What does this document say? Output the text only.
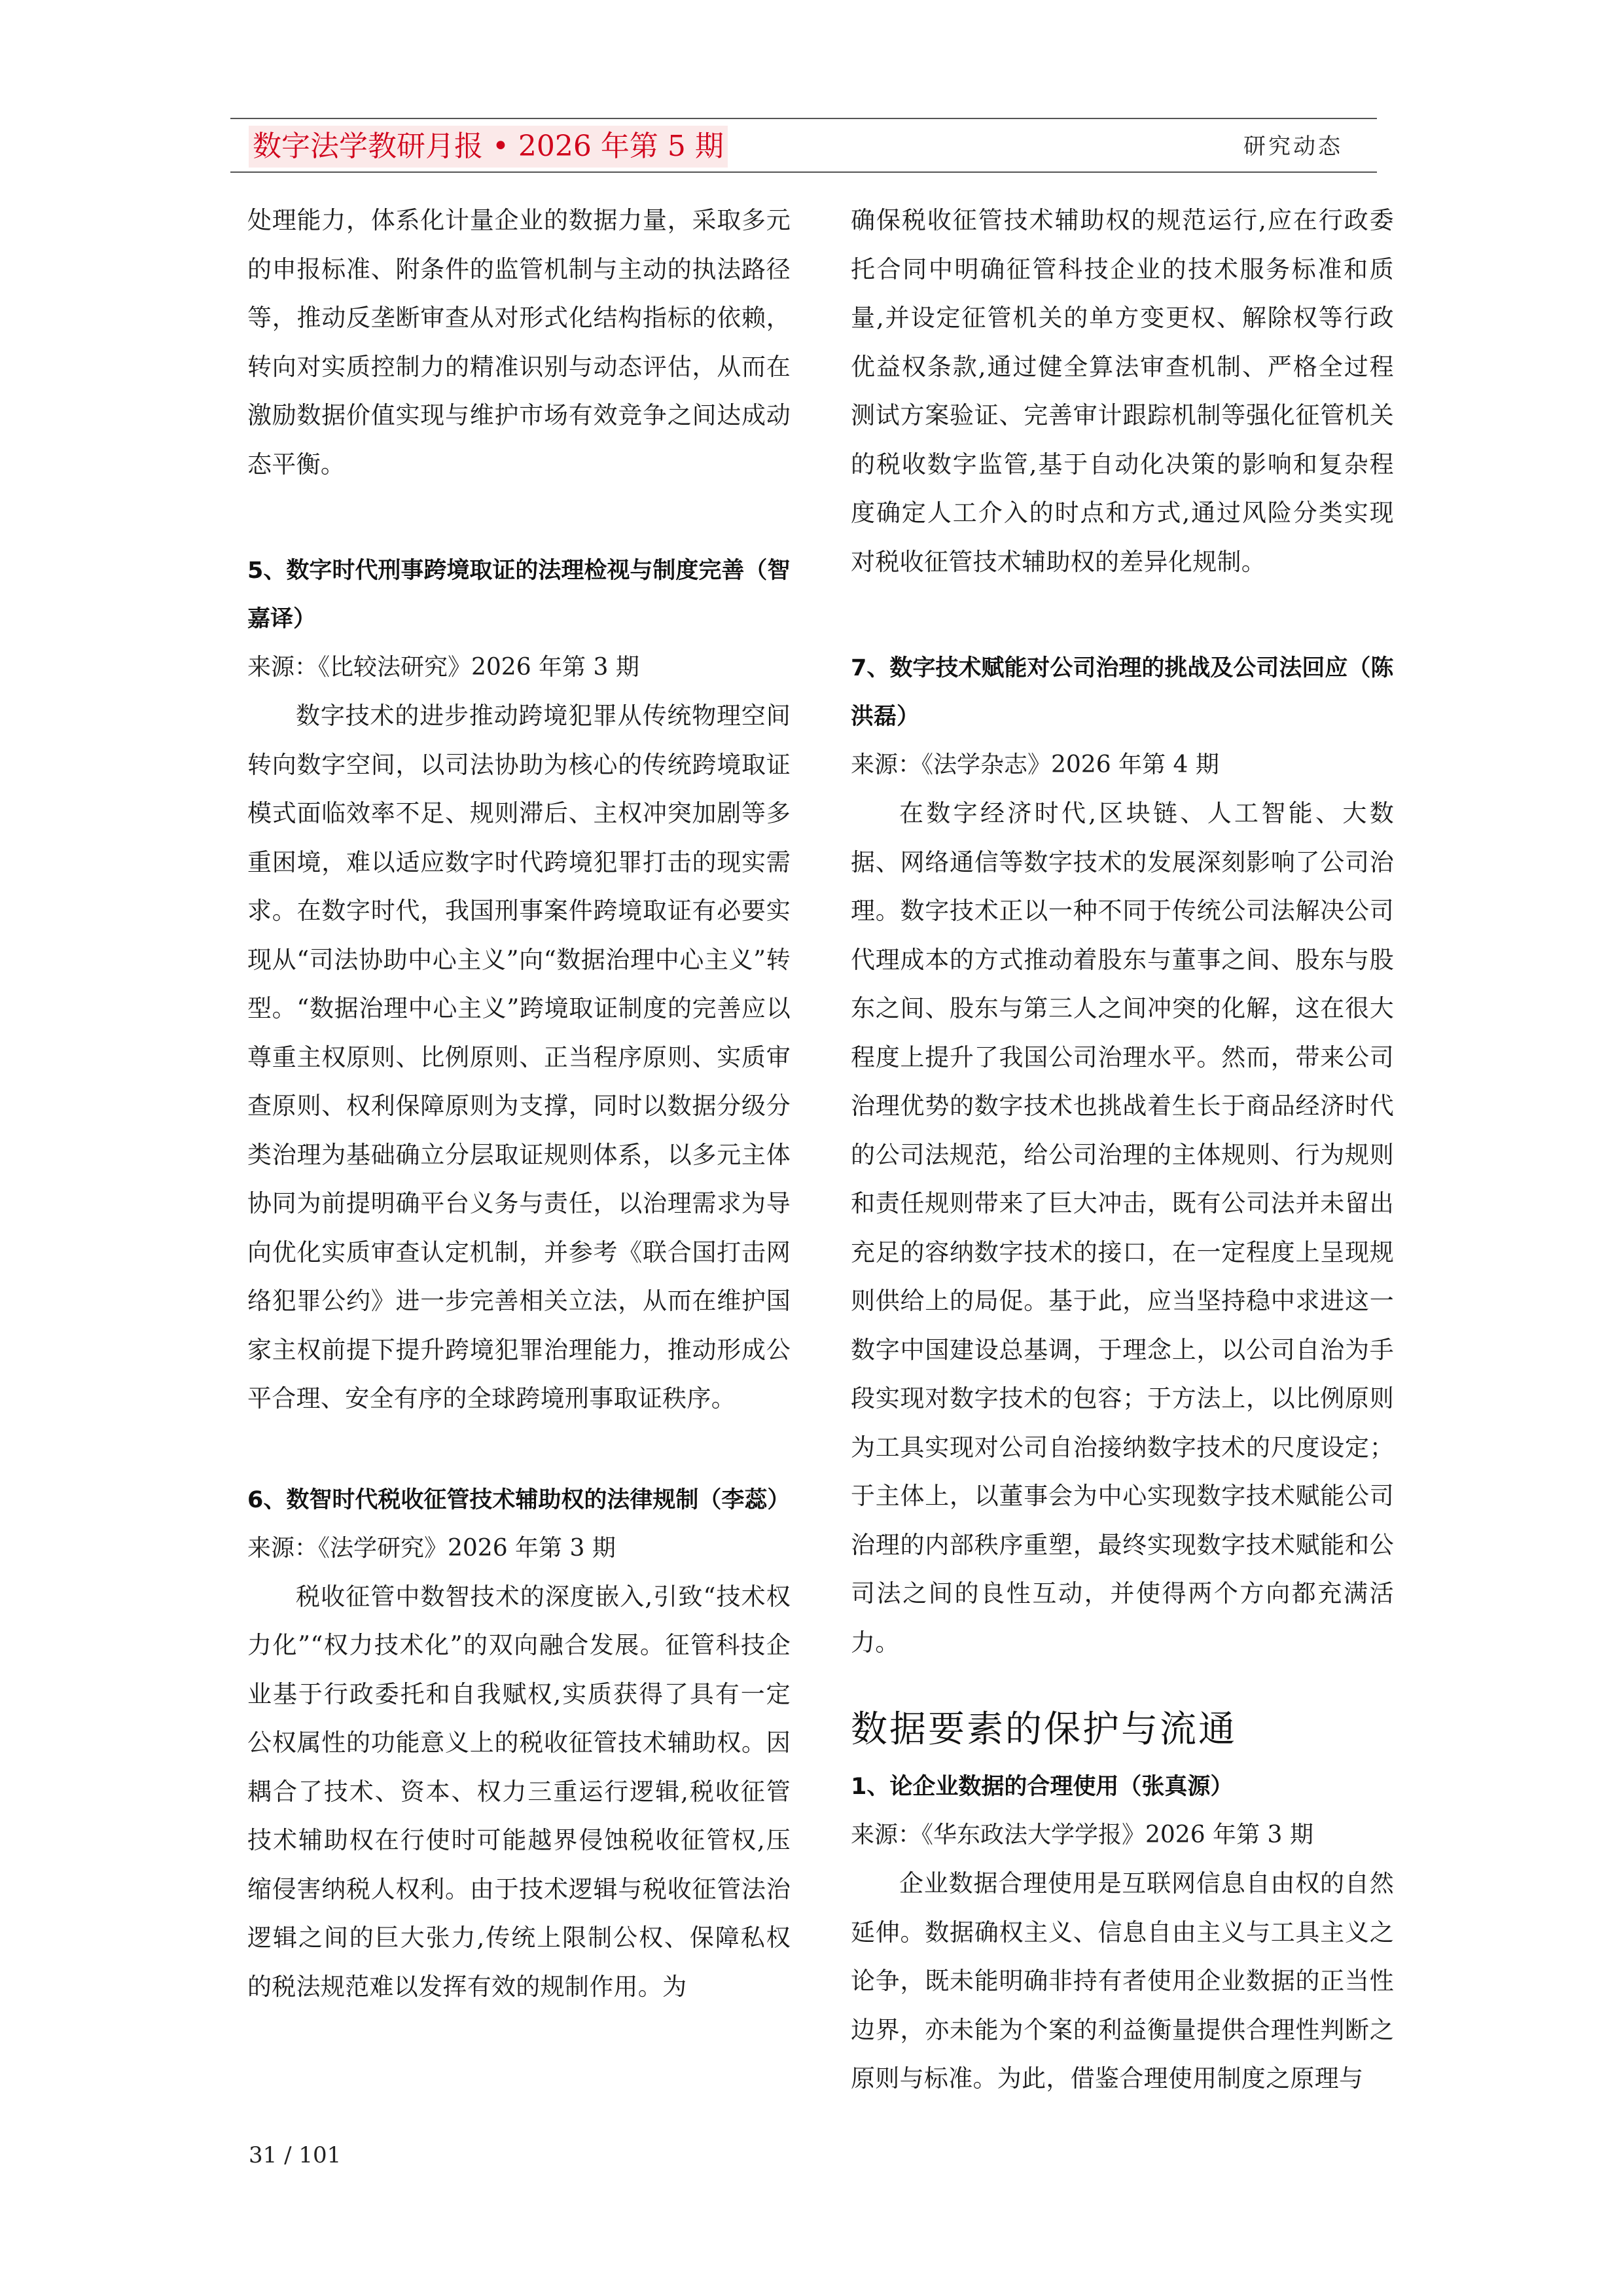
数字法学教研月报 • 2026 年第 5 期	研究动态

处理能力，体系化计量企业的数据力量，采取多元的申报标准、附条件的监管机制与主动的执法路径等，推动反垄断审查从对形式化结构指标的依赖，转向对实质控制力的精准识别与动态评估，从而在激励数据价值实现与维护市场有效竞争之间达成动态平衡。

5、数字时代刑事跨境取证的法理检视与制度完善（智嘉译）

来源：《比较法研究》2026 年第 3 期

数字技术的进步推动跨境犯罪从传统物理空间转向数字空间，以司法协助为核心的传统跨境取证模式面临效率不足、规则滞后、主权冲突加剧等多重困境，难以适应数字时代跨境犯罪打击的现实需求。在数字时代，我国刑事案件跨境取证有必要实现从“司法协助中心主义”向“数据治理中心主义”转型。“数据治理中心主义”跨境取证制度的完善应以尊重主权原则、比例原则、正当程序原则、实质审查原则、权利保障原则为支撑，同时以数据分级分类治理为基础确立分层取证规则体系，以多元主体协同为前提明确平台义务与责任，以治理需求为导向优化实质审查认定机制，并参考《联合国打击网络犯罪公约》进一步完善相关立法，从而在维护国家主权前提下提升跨境犯罪治理能力，推动形成公平合理、安全有序的全球跨境刑事取证秩序。

6、数智时代税收征管技术辅助权的法律规制（李蕊）

来源：《法学研究》2026 年第 3 期

税收征管中数智技术的深度嵌入,引致“技术权力化”“权力技术化”的双向融合发展。征管科技企业基于行政委托和自我赋权,实质获得了具有一定公权属性的功能意义上的税收征管技术辅助权。因耦合了技术、资本、权力三重运行逻辑,税收征管技术辅助权在行使时可能越界侵蚀税收征管权,压缩侵害纳税人权利。由于技术逻辑与税收征管法治逻辑之间的巨大张力,传统上限制公权、保障私权的税法规范难以发挥有效的规制作用。为

确保税收征管技术辅助权的规范运行,应在行政委托合同中明确征管科技企业的技术服务标准和质量,并设定征管机关的单方变更权、解除权等行政优益权条款,通过健全算法审查机制、严格全过程测试方案验证、完善审计跟踪机制等强化征管机关的税收数字监管,基于自动化决策的影响和复杂程度确定人工介入的时点和方式,通过风险分类实现对税收征管技术辅助权的差异化规制。

7、数字技术赋能对公司治理的挑战及公司法回应（陈洪磊）

来源：《法学杂志》2026 年第 4 期

在数字经济时代,区块链、人工智能、大数据、网络通信等数字技术的发展深刻影响了公司治理。数字技术正以一种不同于传统公司法解决公司代理成本的方式推动着股东与董事之间、股东与股东之间、股东与第三人之间冲突的化解，这在很大程度上提升了我国公司治理水平。然而，带来公司治理优势的数字技术也挑战着生长于商品经济时代的公司法规范，给公司治理的主体规则、行为规则和责任规则带来了巨大冲击，既有公司法并未留出充足的容纳数字技术的接口，在一定程度上呈现规则供给上的局促。基于此，应当坚持稳中求进这一数字中国建设总基调，于理念上，以公司自治为手段实现对数字技术的包容；于方法上，以比例原则为工具实现对公司自治接纳数字技术的尺度设定；于主体上，以董事会为中心实现数字技术赋能公司治理的内部秩序重塑，最终实现数字技术赋能和公司法之间的良性互动，并使得两个方向都充满活力。

数据要素的保护与流通
1、论企业数据的合理使用（张真源）

来源：《华东政法大学学报》2026 年第 3 期

企业数据合理使用是互联网信息自由权的自然延伸。数据确权主义、信息自由主义与工具主义之论争，既未能明确非持有者使用企业数据的正当性边界，亦未能为个案的利益衡量提供合理性判断之原则与标准。为此，借鉴合理使用制度之原理与

31 / 101
